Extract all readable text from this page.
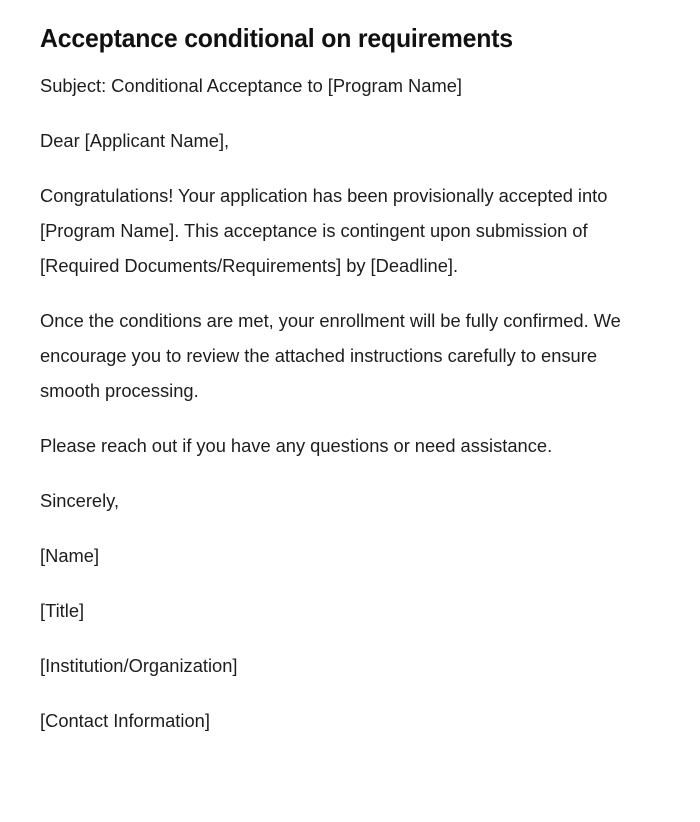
Acceptance conditional on requirements

Subject: Conditional Acceptance to [Program Name]

Dear [Applicant Name],

Congratulations! Your application has been provisionally accepted into [Program Name]. This acceptance is contingent upon submission of [Required Documents/Requirements] by [Deadline].

Once the conditions are met, your enrollment will be fully confirmed. We encourage you to review the attached instructions carefully to ensure smooth processing.

Please reach out if you have any questions or need assistance.

Sincerely,

[Name]

[Title]

[Institution/Organization]

[Contact Information]
